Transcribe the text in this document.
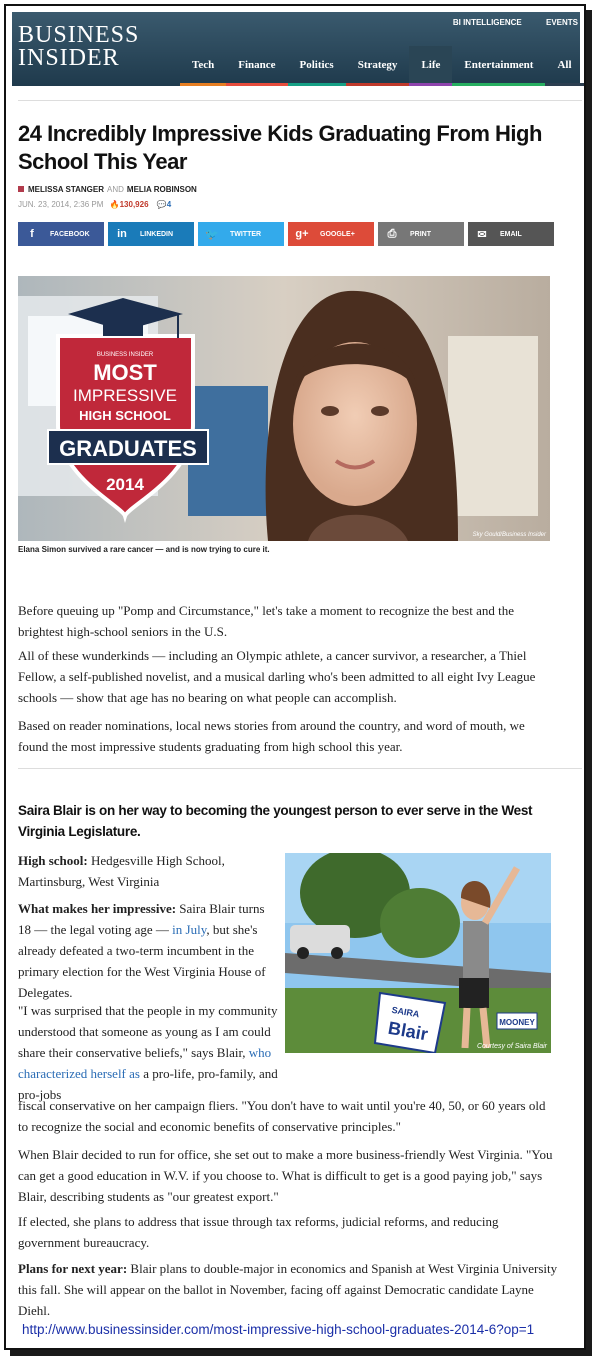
BUSINESS
INSIDER
BI INTELLIGENCE	EVENTS
Tech	Finance	Politics	Strategy	Life	Entertainment	All
24 Incredibly Impressive Kids Graduating From High School This Year
MELISSA STANGER AND MELIA ROBINSON
JUN. 23, 2014, 2:36 PM 🔥130,926 💬4
f	FACEBOOK	in	LINKEDIN	🐦	TWITTER	g+	GOOGLE+	⎙	PRINT	✉	EMAIL
BUSINESS INSIDER
MOST
IMPRESSIVE
HIGH SCHOOL
GRADUATES
2014
Sky Gould/Business Insider
Elana Simon survived a rare cancer — and is now trying to cure it.
Before queuing up "Pomp and Circumstance," let's take a moment to recognize the best and the brightest high-school seniors in the U.S.
All of these wunderkinds — including an Olympic athlete, a cancer survivor, a researcher, a Thiel Fellow, a self-published novelist, and a musical darling who's been admitted to all eight Ivy League schools — show that age has no bearing on what people can accomplish.
Based on reader nominations, local news stories from around the country, and word of mouth, we found the most impressive students graduating from high school this year.
Saira Blair is on her way to becoming the youngest person to ever serve in the West Virginia Legislature.
High school: Hedgesville High School, Martinsburg, West Virginia
What makes her impressive: Saira Blair turns 18 — the legal voting age — in July, but she's already defeated a two-term incumbent in the primary election for the West Virginia House of Delegates.
"I was surprised that the people in my community understood that someone as young as I am could share their conservative beliefs," says Blair, who characterized herself as a pro-life, pro-family, and pro-jobs
fiscal conservative on her campaign fliers. "You don't have to wait until you're 40, 50, or 60 years old to recognize the social and economic benefits of conservative principles."
SAIRA
Blair	MOONEY
Courtesy of Saira Blair
When Blair decided to run for office, she set out to make a more business-friendly West Virginia. "You can get a good education in W.V. if you choose to. What is difficult to get is a good paying job," says Blair, describing students as "our greatest export."
If elected, she plans to address that issue through tax reforms, judicial reforms, and reducing government bureaucracy.
Plans for next year: Blair plans to double-major in economics and Spanish at West Virginia University this fall. She will appear on the ballot in November, facing off against Democratic candidate Layne Diehl.
http://www.businessinsider.com/most-impressive-high-school-graduates-2014-6?op=1
